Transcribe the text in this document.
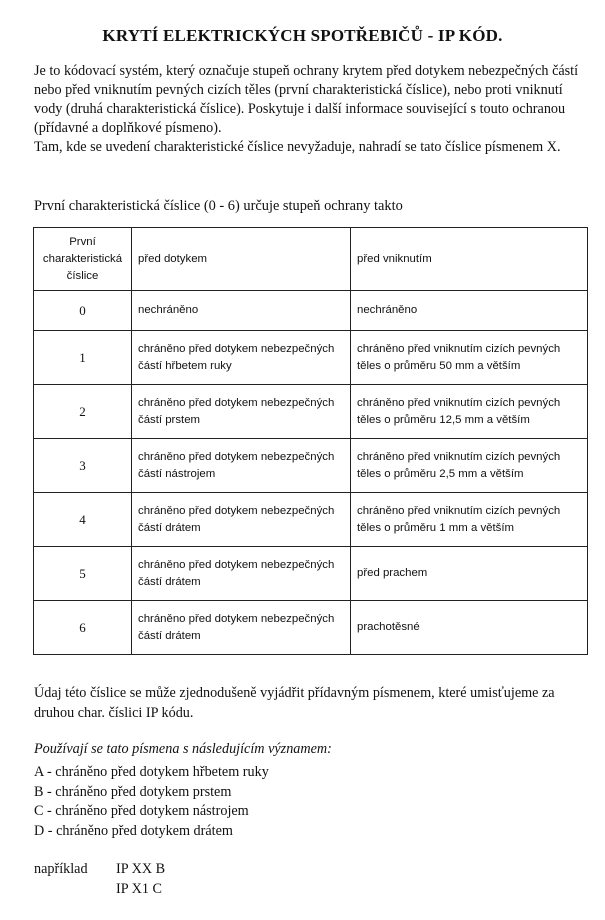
KRYTÍ ELEKTRICKÝCH SPOTŘEBIČŮ - IP KÓD.

Je to kódovací systém, který označuje stupeň ochrany krytem před dotykem nebezpečných částí nebo před vniknutím pevných cizích těles (první charakteristická číslice), nebo proti vniknutí vody (druhá charakteristická číslice). Poskytuje i další informace související s touto ochranou (přídavné a doplňkové písmeno).

Tam, kde se uvedení charakteristické číslice nevyžaduje, nahradí se tato číslice písmenem X.

První charakteristická číslice (0 - 6) určuje stupeň ochrany takto
První charakteristická číslice	před dotykem	před vniknutím
0	nechráněno	nechráněno
1	chráněno před dotykem nebezpečných částí hřbetem ruky	chráněno před vniknutím cizích pevných těles o průměru 50 mm a větším
2	chráněno před dotykem nebezpečných částí prstem	chráněno před vniknutím cizích pevných těles o průměru 12,5 mm a větším
3	chráněno před dotykem nebezpečných částí nástrojem	chráněno před vniknutím cizích pevných těles o průměru 2,5 mm a větším
4	chráněno před dotykem nebezpečných částí drátem	chráněno před vniknutím cizích pevných těles o průměru 1 mm a větším
5	chráněno před dotykem nebezpečných částí drátem	před prachem
6	chráněno před dotykem nebezpečných částí drátem	prachotěsné

Údaj této číslice se může zjednodušeně vyjádřit přídavným písmenem, které umisťujeme za druhou char. číslici IP kódu.

Používají se tato písmena s následujícím významem:
A - chráněno před dotykem hřbetem ruky
B - chráněno před dotykem prstem
C - chráněno před dotykem nástrojem
D - chráněno před dotykem drátem
například IP XX B
IP X1 C
